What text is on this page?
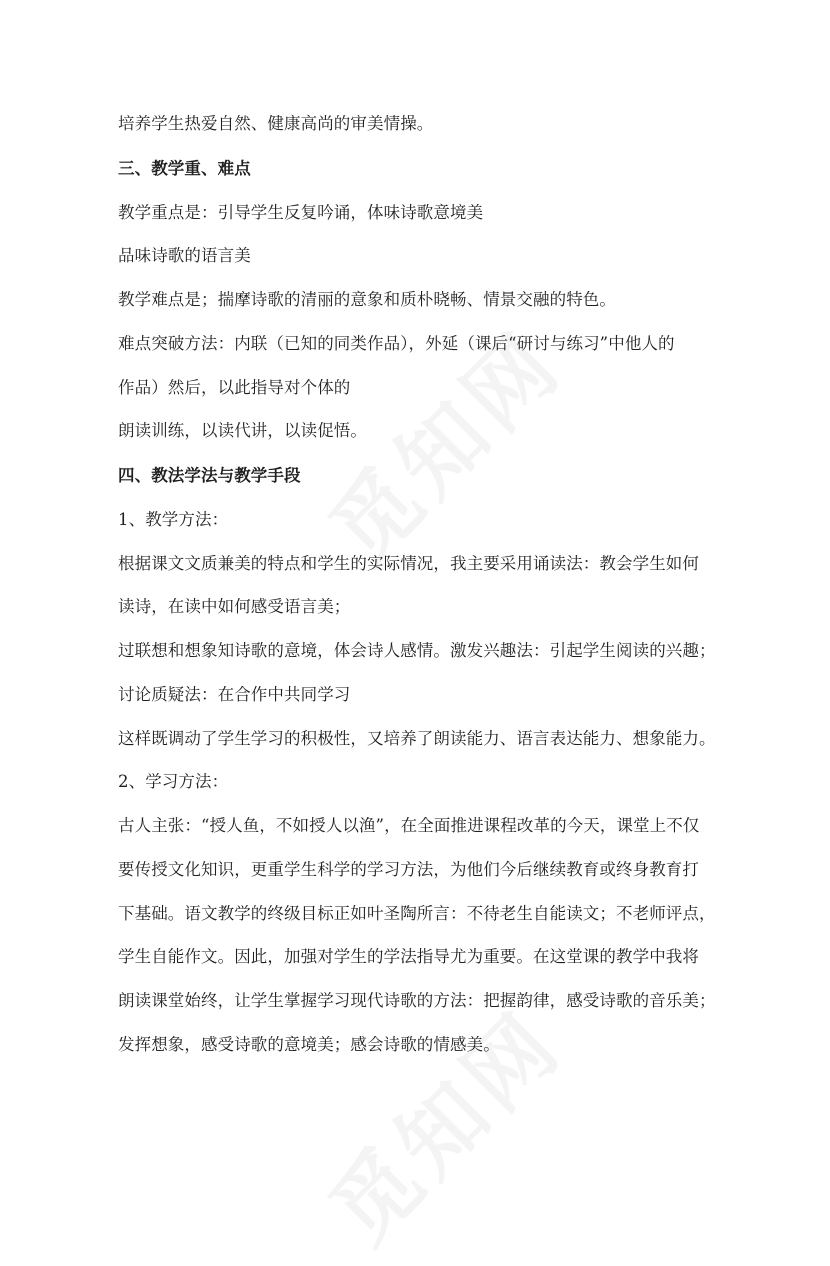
培养学生热爱自然、健康高尚的审美情操。
三、教学重、难点
教学重点是：引导学生反复吟诵，体味诗歌意境美
品味诗歌的语言美
教学难点是；揣摩诗歌的清丽的意象和质朴晓畅、情景交融的特色。
难点突破方法：内联（已知的同类作品），外延（课后“研讨与练习”中他人的
作品）然后，以此指导对个体的
朗读训练，以读代讲，以读促悟。
四、教法学法与教学手段
1、教学方法：
根据课文文质兼美的特点和学生的实际情况，我主要采用诵读法：教会学生如何
读诗，在读中如何感受语言美；
过联想和想象知诗歌的意境，体会诗人感情。激发兴趣法：引起学生阅读的兴趣；
讨论质疑法：在合作中共同学习
这样既调动了学生学习的积极性，又培养了朗读能力、语言表达能力、想象能力。
2、学习方法：
古人主张：“授人鱼，不如授人以渔”，在全面推进课程改革的今天，课堂上不仅
要传授文化知识，更重学生科学的学习方法，为他们今后继续教育或终身教育打
下基础。语文教学的终级目标正如叶圣陶所言：不待老生自能读文；不老师评点，
学生自能作文。因此，加强对学生的学法指导尤为重要。在这堂课的教学中我将
朗读课堂始终，让学生掌握学习现代诗歌的方法：把握韵律，感受诗歌的音乐美；
发挥想象，感受诗歌的意境美；感会诗歌的情感美。
